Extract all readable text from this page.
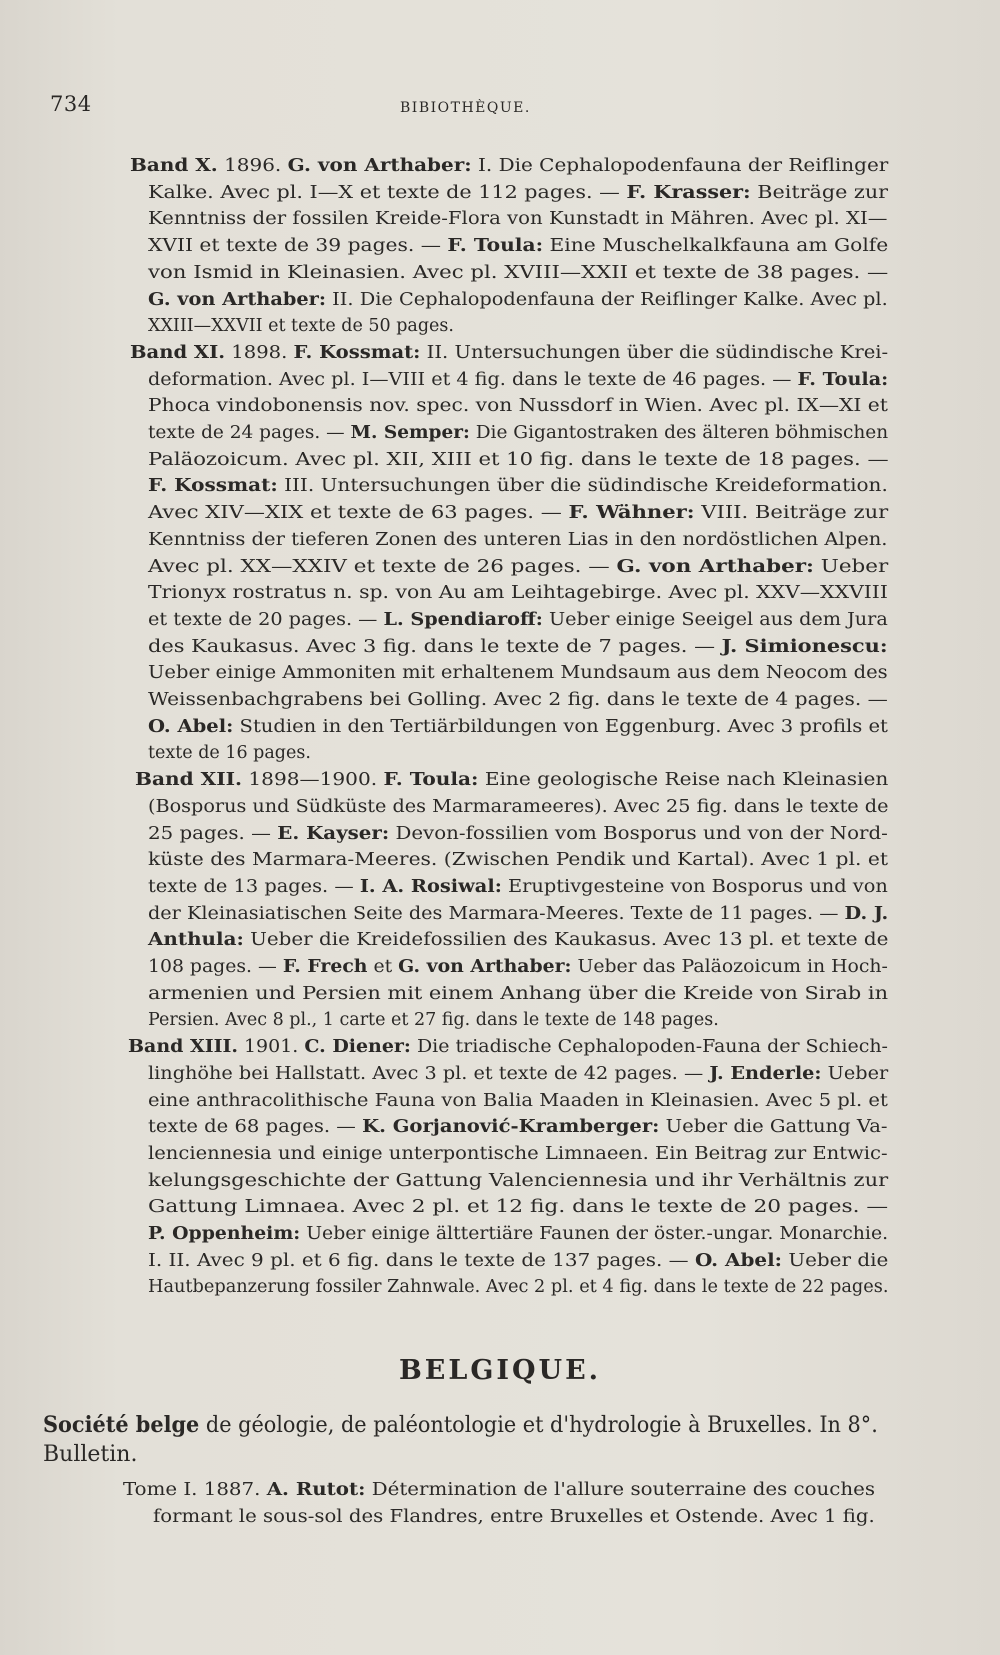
734	BIBIOTHÈQUE.
Band X. 1896. G. von Arthaber: I. Die Cephalopodenfauna der Reiflinger
Kalke. Avec pl. I—X et texte de 112 pages. — F. Krasser: Beiträge zur
Kenntniss der fossilen Kreide-Flora von Kunstadt in Mähren. Avec pl. XI—
XVII et texte de 39 pages. — F. Toula: Eine Muschelkalkfauna am Golfe
von Ismid in Kleinasien. Avec pl. XVIII—XXII et texte de 38 pages. —
G. von Arthaber: II. Die Cephalopodenfauna der Reiflinger Kalke. Avec pl.
XXIII—XXVII et texte de 50 pages.
Band XI. 1898. F. Kossmat: II. Untersuchungen über die südindische Krei-
deformation. Avec pl. I—VIII et 4 fig. dans le texte de 46 pages. — F. Toula:
Phoca vindobonensis nov. spec. von Nussdorf in Wien. Avec pl. IX—XI et
texte de 24 pages. — M. Semper: Die Gigantostraken des älteren böhmischen
Paläozoicum. Avec pl. XII, XIII et 10 fig. dans le texte de 18 pages. —
F. Kossmat: III. Untersuchungen über die südindische Kreideformation.
Avec XIV—XIX et texte de 63 pages. — F. Wähner: VIII. Beiträge zur
Kenntniss der tieferen Zonen des unteren Lias in den nordöstlichen Alpen.
Avec pl. XX—XXIV et texte de 26 pages. — G. von Arthaber: Ueber
Trionyx rostratus n. sp. von Au am Leihtagebirge. Avec pl. XXV—XXVIII
et texte de 20 pages. — L. Spendiaroff: Ueber einige Seeigel aus dem Jura
des Kaukasus. Avec 3 fig. dans le texte de 7 pages. — J. Simionescu:
Ueber einige Ammoniten mit erhaltenem Mundsaum aus dem Neocom des
Weissenbachgrabens bei Golling. Avec 2 fig. dans le texte de 4 pages. —
O. Abel: Studien in den Tertiärbildungen von Eggenburg. Avec 3 profils et
texte de 16 pages.
Band XII. 1898—1900. F. Toula: Eine geologische Reise nach Kleinasien
(Bosporus und Südküste des Marmarameeres). Avec 25 fig. dans le texte de
25 pages. — E. Kayser: Devon-fossilien vom Bosporus und von der Nord-
küste des Marmara-Meeres. (Zwischen Pendik und Kartal). Avec 1 pl. et
texte de 13 pages. — I. A. Rosiwal: Eruptivgesteine von Bosporus und von
der Kleinasiatischen Seite des Marmara-Meeres. Texte de 11 pages. — D. J.
Anthula: Ueber die Kreidefossilien des Kaukasus. Avec 13 pl. et texte de
108 pages. — F. Frech et G. von Arthaber: Ueber das Paläozoicum in Hoch-
armenien und Persien mit einem Anhang über die Kreide von Sirab in
Persien. Avec 8 pl., 1 carte et 27 fig. dans le texte de 148 pages.
Band XIII. 1901. C. Diener: Die triadische Cephalopoden-Fauna der Schiech-
linghöhe bei Hallstatt. Avec 3 pl. et texte de 42 pages. — J. Enderle: Ueber
eine anthracolithische Fauna von Balia Maaden in Kleinasien. Avec 5 pl. et
texte de 68 pages. — K. Gorjanović-Kramberger: Ueber die Gattung Va-
lenciennesia und einige unterpontische Limnaeen. Ein Beitrag zur Entwic-
kelungsgeschichte der Gattung Valenciennesia und ihr Verhältnis zur
Gattung Limnaea. Avec 2 pl. et 12 fig. dans le texte de 20 pages. —
P. Oppenheim: Ueber einige älttertiäre Faunen der öster.-ungar. Monarchie.
I. II. Avec 9 pl. et 6 fig. dans le texte de 137 pages. — O. Abel: Ueber die
Hautbepanzerung fossiler Zahnwale. Avec 2 pl. et 4 fig. dans le texte de 22 pages.
BELGIQUE.
Société belge de géologie, de paléontologie et d'hydrologie à Bruxelles. In 8°.
Bulletin.
Tome I. 1887. A. Rutot: Détermination de l'allure souterraine des couches
formant le sous-sol des Flandres, entre Bruxelles et Ostende. Avec 1 fig.
